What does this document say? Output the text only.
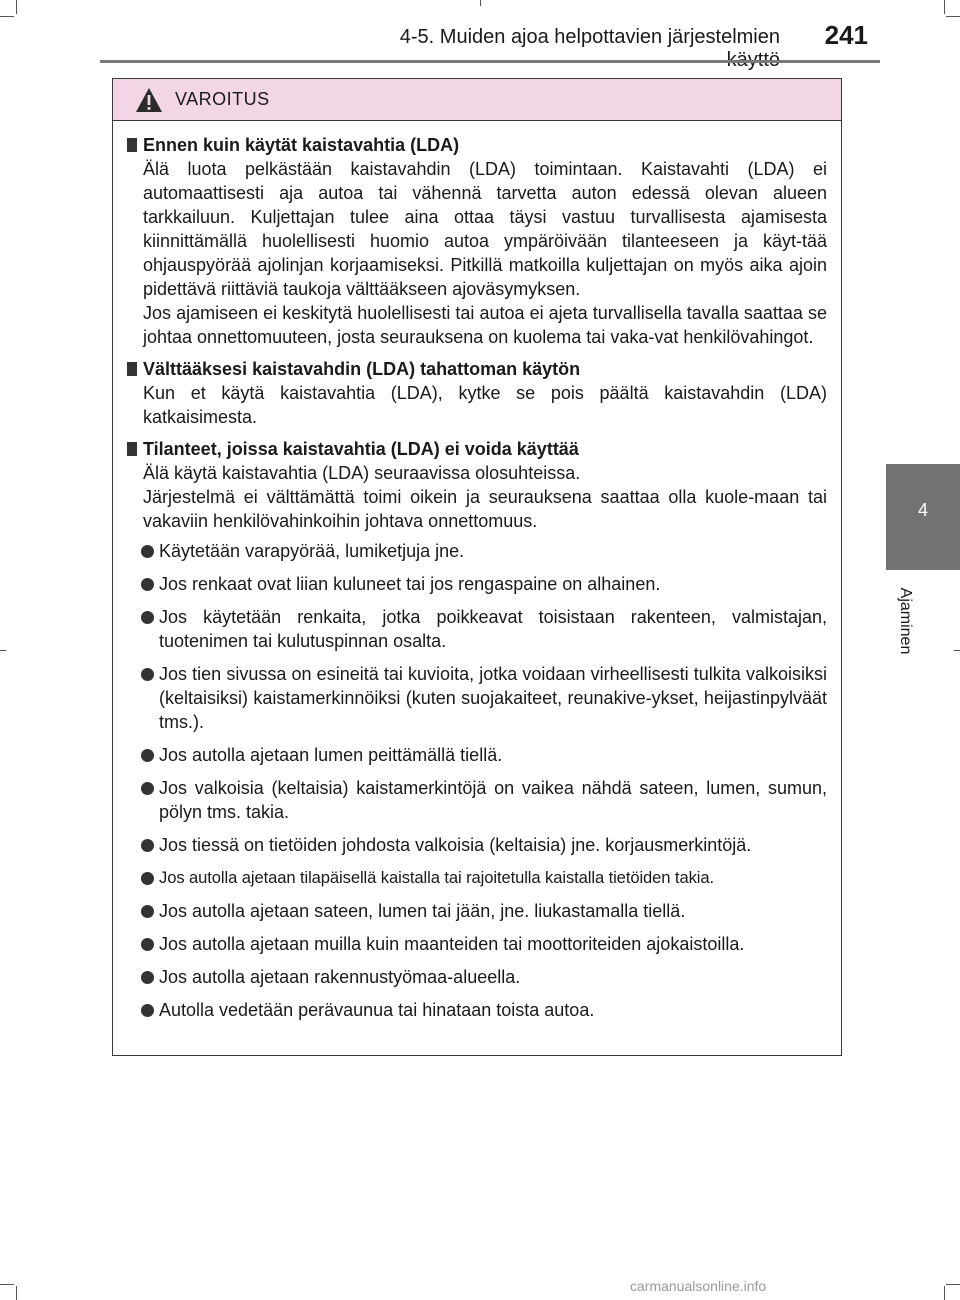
4-5. Muiden ajoa helpottavien järjestelmien	241
4
Ajaminen
VAROITUS
Ennen kuin käytät kaistavahtia (LDA)

Älä luota pelkästään kaistavahdin (LDA) toimintaan. Kaistavahti (LDA) ei automaattisesti aja autoa tai vähennä tarvetta auton edessä olevan alueen tarkkailuun. Kuljettajan tulee aina ottaa täysi vastuu turvallisesta ajamisesta kiinnittämällä huolellisesti huomio autoa ympäröivään tilanteeseen ja käyt-tää ohjauspyörää ajolinjan korjaamiseksi. Pitkillä matkoilla kuljettajan on myös aika ajoin pidettävä riittäviä taukoja välttääkseen ajoväsymyksen.

Jos ajamiseen ei keskitytä huolellisesti tai autoa ei ajeta turvallisella tavalla saattaa se johtaa onnettomuuteen, josta seurauksena on kuolema tai vaka-vat henkilövahingot.

Välttääksesi kaistavahdin (LDA) tahattoman käytön

Kun et käytä kaistavahtia (LDA), kytke se pois päältä kaistavahdin (LDA) katkaisimesta.

Tilanteet, joissa kaistavahtia (LDA) ei voida käyttää

Älä käytä kaistavahtia (LDA) seuraavissa olosuhteissa.

Järjestelmä ei välttämättä toimi oikein ja seurauksena saattaa olla kuole-maan tai vakaviin henkilövahinkoihin johtava onnettomuus.

Käytetään varapyörää, lumiketjuja jne.
Jos renkaat ovat liian kuluneet tai jos rengaspaine on alhainen.
Jos käytetään renkaita, jotka poikkeavat toisistaan rakenteen, valmistajan, tuotenimen tai kulutuspinnan osalta.
Jos tien sivussa on esineitä tai kuvioita, jotka voidaan virheellisesti tulkita valkoisiksi (keltaisiksi) kaistamerkinnöiksi (kuten suojakaiteet, reunakive-ykset, heijastinpylväät tms.).
Jos autolla ajetaan lumen peittämällä tiellä.
Jos valkoisia (keltaisia) kaistamerkintöjä on vaikea nähdä sateen, lumen, sumun, pölyn tms. takia.
Jos tiessä on tietöiden johdosta valkoisia (keltaisia) jne. korjausmerkintöjä.
Jos autolla ajetaan tilapäisellä kaistalla tai rajoitetulla kaistalla tietöiden takia.
Jos autolla ajetaan sateen, lumen tai jään, jne. liukastamalla tiellä.
Jos autolla ajetaan muilla kuin maanteiden tai moottoriteiden ajokaistoilla.
Jos autolla ajetaan rakennustyömaa-alueella.
Autolla vedetään perävaunua tai hinataan toista autoa.
carmanualsonline.info
